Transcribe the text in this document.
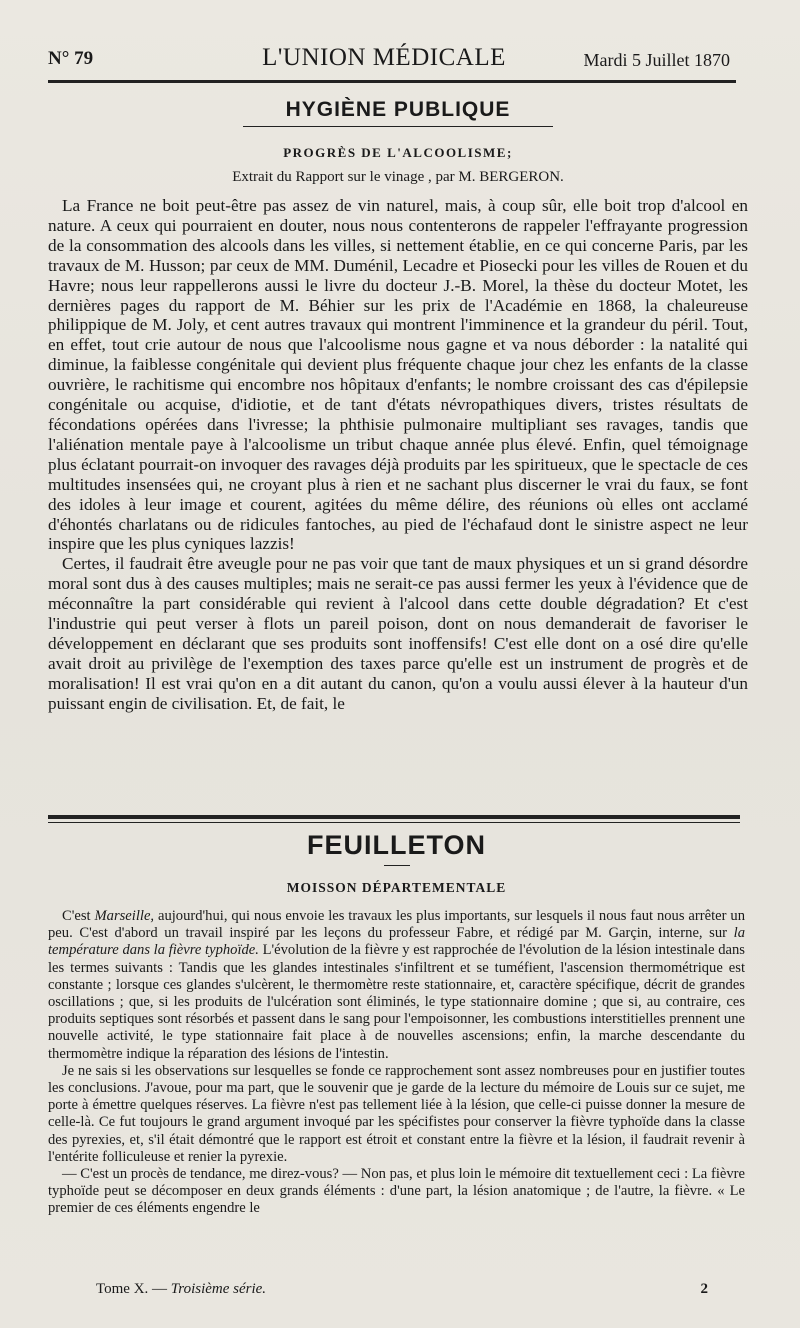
N° 79	L'UNION MÉDICALE	Mardi 5 Juillet 1870
HYGIÈNE PUBLIQUE
PROGRÈS DE L'ALCOOLISME;
Extrait du Rapport sur le vinage , par M. BERGERON.

La France ne boit peut-être pas assez de vin naturel, mais, à coup sûr, elle boit trop d'alcool en nature. A ceux qui pourraient en douter, nous nous contenterons de rappeler l'effrayante progression de la consommation des alcools dans les villes, si nettement établie, en ce qui concerne Paris, par les travaux de M. Husson; par ceux de MM. Duménil, Lecadre et Piosecki pour les villes de Rouen et du Havre; nous leur rappellerons aussi le livre du docteur J.-B. Morel, la thèse du docteur Motet, les dernières pages du rapport de M. Béhier sur les prix de l'Académie en 1868, la chaleureuse philippique de M. Joly, et cent autres travaux qui montrent l'imminence et la grandeur du péril. Tout, en effet, tout crie autour de nous que l'alcoolisme nous gagne et va nous déborder : la natalité qui diminue, la faiblesse congénitale qui devient plus fréquente chaque jour chez les enfants de la classe ouvrière, le rachitisme qui encombre nos hôpitaux d'enfants; le nombre croissant des cas d'épilepsie congénitale ou acquise, d'idiotie, et de tant d'états névropathiques divers, tristes résultats de fécondations opérées dans l'ivresse; la phthisie pulmonaire multipliant ses ravages, tandis que l'aliénation mentale paye à l'alcoolisme un tribut chaque année plus élevé. Enfin, quel témoignage plus éclatant pourrait-on invoquer des ravages déjà produits par les spiritueux, que le spectacle de ces multitudes insensées qui, ne croyant plus à rien et ne sachant plus discerner le vrai du faux, se font des idoles à leur image et courent, agitées du même délire, des réunions où elles ont acclamé d'éhontés charlatans ou de ridicules fantoches, au pied de l'échafaud dont le sinistre aspect ne leur inspire que les plus cyniques lazzis!

Certes, il faudrait être aveugle pour ne pas voir que tant de maux physiques et un si grand désordre moral sont dus à des causes multiples; mais ne serait-ce pas aussi fermer les yeux à l'évidence que de méconnaître la part considérable qui revient à l'alcool dans cette double dégradation? Et c'est l'industrie qui peut verser à flots un pareil poison, dont on nous demanderait de favoriser le développement en déclarant que ses produits sont inoffensifs! C'est elle dont on a osé dire qu'elle avait droit au privilège de l'exemption des taxes parce qu'elle est un instrument de progrès et de moralisation! Il est vrai qu'on en a dit autant du canon, qu'on a voulu aussi élever à la hauteur d'un puissant engin de civilisation. Et, de fait, le

FEUILLETON
MOISSON DÉPARTEMENTALE

C'est Marseille, aujourd'hui, qui nous envoie les travaux les plus importants, sur lesquels il nous faut nous arrêter un peu. C'est d'abord un travail inspiré par les leçons du professeur Fabre, et rédigé par M. Garçin, interne, sur la température dans la fièvre typhoïde. L'évolution de la fièvre y est rapprochée de l'évolution de la lésion intestinale dans les termes suivants : Tandis que les glandes intestinales s'infiltrent et se tuméfient, l'ascension thermométrique est constante ; lorsque ces glandes s'ulcèrent, le thermomètre reste stationnaire, et, caractère spécifique, décrit de grandes oscillations ; que, si les produits de l'ulcération sont éliminés, le type stationnaire domine ; que si, au contraire, ces produits septiques sont résorbés et passent dans le sang pour l'empoisonner, les combustions interstitielles prennent une nouvelle activité, le type stationnaire fait place à de nouvelles ascensions; enfin, la marche descendante du thermomètre indique la réparation des lésions de l'intestin.

Je ne sais si les observations sur lesquelles se fonde ce rapprochement sont assez nombreuses pour en justifier toutes les conclusions. J'avoue, pour ma part, que le souvenir que je garde de la lecture du mémoire de Louis sur ce sujet, me porte à émettre quelques réserves. La fièvre n'est pas tellement liée à la lésion, que celle-ci puisse donner la mesure de celle-là. Ce fut toujours le grand argument invoqué par les spécifistes pour conserver la fièvre typhoïde dans la classe des pyrexies, et, s'il était démontré que le rapport est étroit et constant entre la fièvre et la lésion, il faudrait revenir à l'entérite folliculeuse et renier la pyrexie.

— C'est un procès de tendance, me direz-vous? — Non pas, et plus loin le mémoire dit textuellement ceci : La fièvre typhoïde peut se décomposer en deux grands éléments : d'une part, la lésion anatomique ; de l'autre, la fièvre. « Le premier de ces éléments engendre le

Tome X. — Troisième série.	2
